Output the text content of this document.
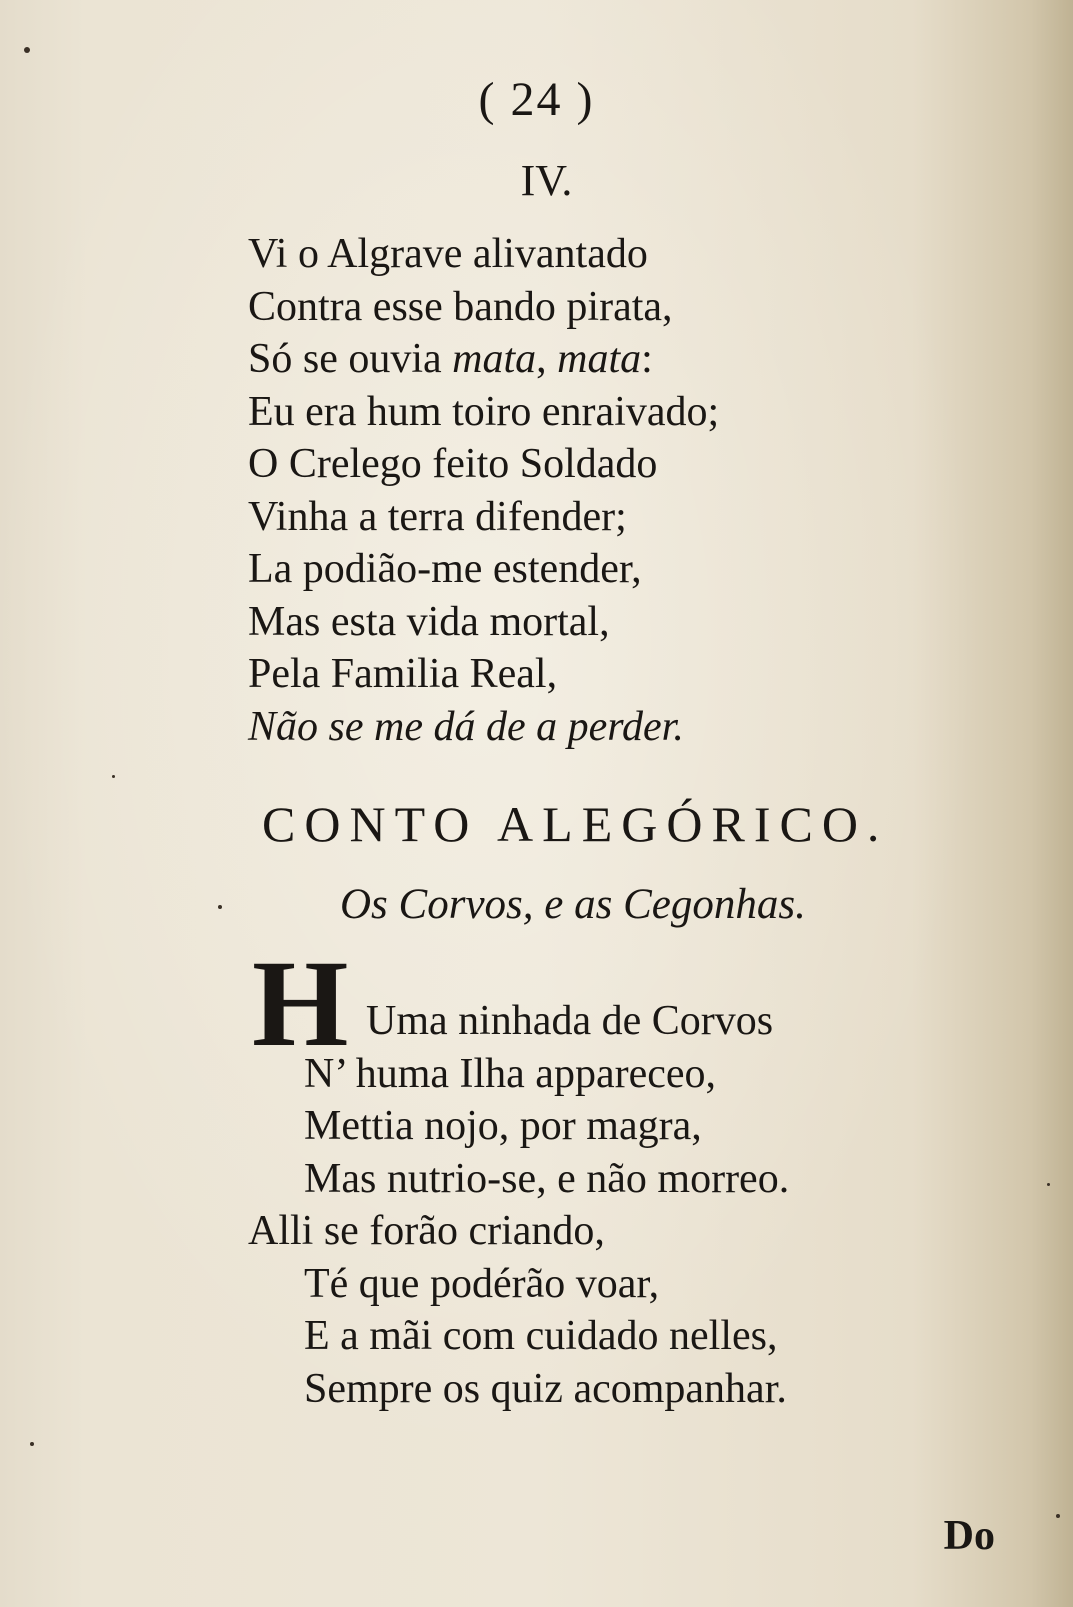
( 24 )
IV.
Vi o Algrave alivantado
Contra esse bando pirata,
Só se ouvia mata, mata:
Eu era hum toiro enraivado;
O Crelego feito Soldado
Vinha a terra difender;
La podião-me estender,
Mas esta vida mortal,
Pela Familia Real,
Não se me dá de a perder.
CONTO ALEGÓRICO.
Os Corvos, e as Cegonhas.
H Uma ninhada de Corvos
N’ huma Ilha appareceo,
Mettia nojo, por magra,
Mas nutrio-se, e não morreo.
Alli se forão criando,
Té que podérão voar,
E a mãi com cuidado nelles,
Sempre os quiz acompanhar.
Do
